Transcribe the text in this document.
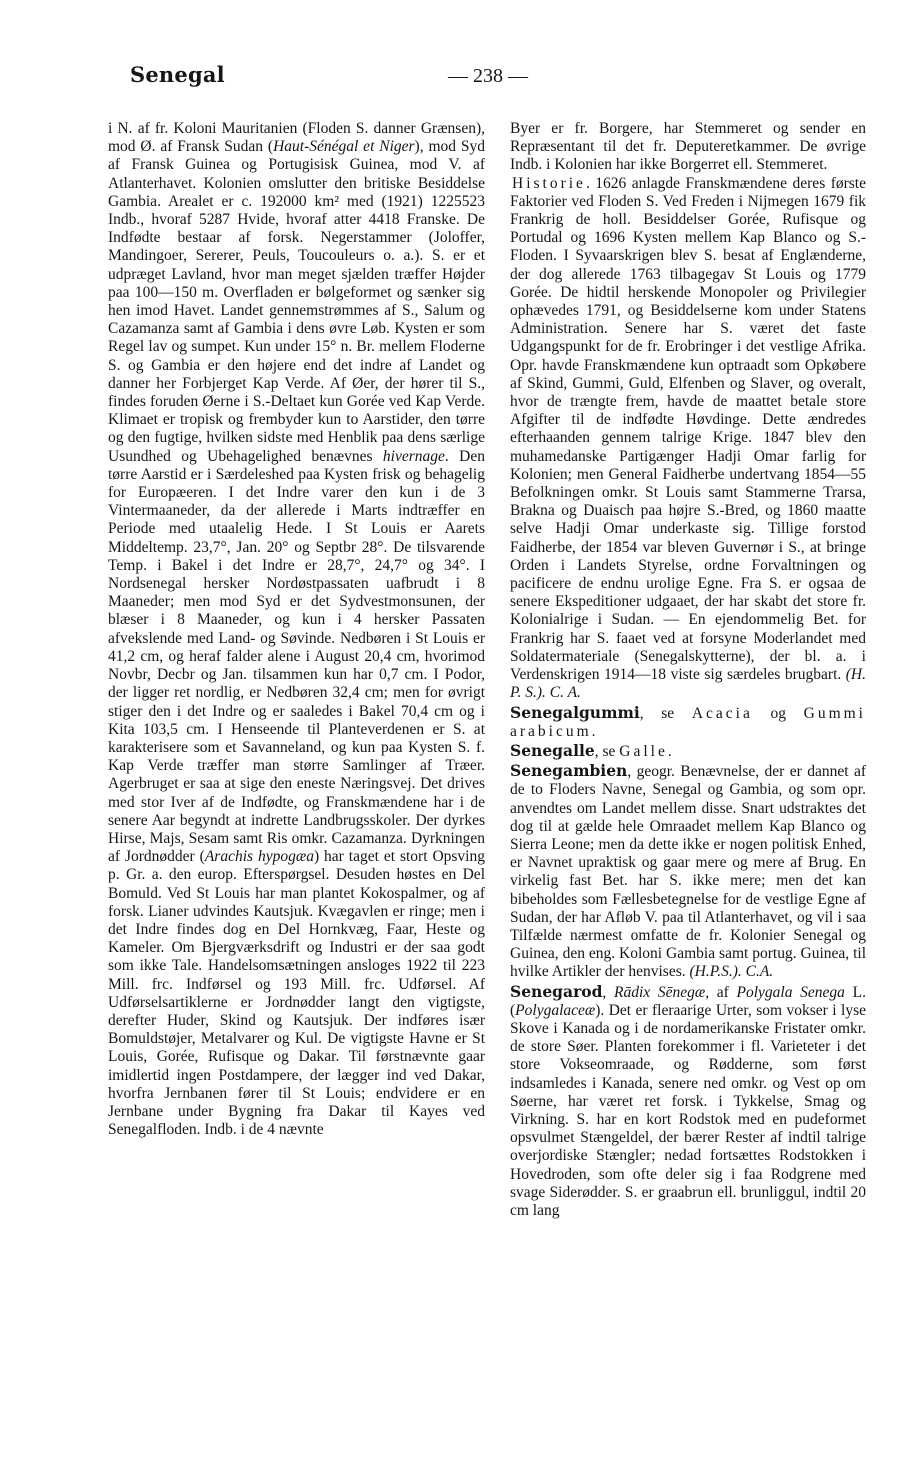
Senegal	— 238 —

i N. af fr. Koloni Mauritanien (Floden S. danner Grænsen), mod Ø. af Fransk Sudan (Haut-Sénégal et Niger), mod Syd af Fransk Guinea og Portugisisk Guinea, mod V. af Atlanterhavet. Kolonien omslutter den britiske Besiddelse Gambia. Arealet er c. 192000 km² med (1921) 1225523 Indb., hvoraf 5287 Hvide, hvoraf atter 4418 Franske. De Indfødte bestaar af forsk. Negerstammer (Joloffer, Mandingoer, Sererer, Peuls, Toucouleurs o. a.). S. er et udpræget Lavland, hvor man meget sjælden træffer Højder paa 100—150 m. Overfladen er bølgeformet og sænker sig hen imod Havet. Landet gennemstrømmes af S., Salum og Cazamanza samt af Gambia i dens øvre Løb. Kysten er som Regel lav og sumpet. Kun under 15° n. Br. mellem Floderne S. og Gambia er den højere end det indre af Landet og danner her Forbjerget Kap Verde. Af Øer, der hører til S., findes foruden Øerne i S.-Deltaet kun Gorée ved Kap Verde. Klimaet er tropisk og frembyder kun to Aarstider, den tørre og den fugtige, hvilken sidste med Henblik paa dens særlige Usundhed og Ubehagelighed benævnes hivernage. Den tørre Aarstid er i Særdeleshed paa Kysten frisk og behagelig for Europæeren. I det Indre varer den kun i de 3 Vintermaaneder, da der allerede i Marts indtræffer en Periode med utaalelig Hede. I St Louis er Aarets Middeltemp. 23,7°, Jan. 20° og Septbr 28°. De tilsvarende Temp. i Bakel i det Indre er 28,7°, 24,7° og 34°. I Nordsenegal hersker Nordøstpassaten uafbrudt i 8 Maaneder; men mod Syd er det Sydvestmonsunen, der blæser i 8 Maaneder, og kun i 4 hersker Passaten afvekslende med Land- og Søvinde. Nedbøren i St Louis er 41,2 cm, og heraf falder alene i August 20,4 cm, hvorimod Novbr, Decbr og Jan. tilsammen kun har 0,7 cm. I Podor, der ligger ret nordlig, er Nedbøren 32,4 cm; men for øvrigt stiger den i det Indre og er saaledes i Bakel 70,4 cm og i Kita 103,5 cm. I Henseende til Planteverdenen er S. at karakterisere som et Savanneland, og kun paa Kysten S. f. Kap Verde træffer man større Samlinger af Træer. Agerbruget er saa at sige den eneste Næringsvej. Det drives med stor Iver af de Indfødte, og Franskmændene har i de senere Aar begyndt at indrette Landbrugsskoler. Der dyrkes Hirse, Majs, Sesam samt Ris omkr. Cazamanza. Dyrkningen af Jordnødder (Arachis hypogæa) har taget et stort Opsving p. Gr. a. den europ. Efterspørgsel. Desuden høstes en Del Bomuld. Ved St Louis har man plantet Kokospalmer, og af forsk. Lianer udvindes Kautsjuk. Kvægavlen er ringe; men i det Indre findes dog en Del Hornkvæg, Faar, Heste og Kameler. Om Bjergværksdrift og Industri er der saa godt som ikke Tale. Handelsomsætningen ansloges 1922 til 223 Mill. frc. Indførsel og 193 Mill. frc. Udførsel. Af Udførselsartiklerne er Jordnødder langt den vigtigste, derefter Huder, Skind og Kautsjuk. Der indføres især Bomuldstøjer, Metalvarer og Kul. De vigtigste Havne er St Louis, Gorée, Rufisque og Dakar. Til førstnævnte gaar imidlertid ingen Postdampere, der lægger ind ved Dakar, hvorfra Jernbanen fører til St Louis; endvidere er en Jernbane under Bygning fra Dakar til Kayes ved Senegalfloden. Indb. i de 4 nævnte

Byer er fr. Borgere, har Stemmeret og sender en Repræsentant til det fr. Deputeretkammer. De øvrige Indb. i Kolonien har ikke Borgerret ell. Stemmeret.

Historie. 1626 anlagde Franskmændene deres første Faktorier ved Floden S. Ved Freden i Nijmegen 1679 fik Frankrig de holl. Besiddelser Gorée, Rufisque og Portudal og 1696 Kysten mellem Kap Blanco og S.-Floden. I Syvaarskrigen blev S. besat af Englænderne, der dog allerede 1763 tilbagegav St Louis og 1779 Gorée. De hidtil herskende Monopoler og Privilegier ophævedes 1791, og Besiddelserne kom under Statens Administration. Senere har S. været det faste Udgangspunkt for de fr. Erobringer i det vestlige Afrika. Opr. havde Franskmændene kun optraadt som Opkøbere af Skind, Gummi, Guld, Elfenben og Slaver, og overalt, hvor de trængte frem, havde de maattet betale store Afgifter til de indfødte Høvdinge. Dette ændredes efterhaanden gennem talrige Krige. 1847 blev den muhamedanske Partigænger Hadji Omar farlig for Kolonien; men General Faidherbe undertvang 1854—55 Befolkningen omkr. St Louis samt Stammerne Trarsa, Brakna og Duaisch paa højre S.-Bred, og 1860 maatte selve Hadji Omar underkaste sig. Tillige forstod Faidherbe, der 1854 var bleven Guvernør i S., at bringe Orden i Landets Styrelse, ordne Forvaltningen og pacificere de endnu urolige Egne. Fra S. er ogsaa de senere Ekspeditioner udgaaet, der har skabt det store fr. Kolonialrige i Sudan. — En ejendommelig Bet. for Frankrig har S. faaet ved at forsyne Moderlandet med Soldatermateriale (Senegalskytterne), der bl. a. i Verdenskrigen 1914—18 viste sig særdeles brugbart. (H. P. S.). C. A.

Senegalgummi, se Acacia og Gummi arabicum.

Senegalle, se Galle.

Senegambien, geogr. Benævnelse, der er dannet af de to Floders Navne, Senegal og Gambia, og som opr. anvendtes om Landet mellem disse. Snart udstraktes det dog til at gælde hele Omraadet mellem Kap Blanco og Sierra Leone; men da dette ikke er nogen politisk Enhed, er Navnet upraktisk og gaar mere og mere af Brug. En virkelig fast Bet. har S. ikke mere; men det kan bibeholdes som Fællesbetegnelse for de vestlige Egne af Sudan, der har Afløb V. paa til Atlanterhavet, og vil i saa Tilfælde nærmest omfatte de fr. Kolonier Senegal og Guinea, den eng. Koloni Gambia samt portug. Guinea, til hvilke Artikler der henvises. (H.P.S.). C.A.

Senegarod, Rādix Sēnegæ, af Polygala Senega L. (Polygalaceæ). Det er fleraarige Urter, som vokser i lyse Skove i Kanada og i de nordamerikanske Fristater omkr. de store Søer. Planten forekommer i fl. Varieteter i det store Vokseomraade, og Rødderne, som først indsamledes i Kanada, senere ned omkr. og Vest op om Søerne, har været ret forsk. i Tykkelse, Smag og Virkning. S. har en kort Rodstok med en pudeformet opsvulmet Stængeldel, der bærer Rester af indtil talrige overjordiske Stængler; nedad fortsættes Rodstokken i Hovedroden, som ofte deler sig i faa Rodgrene med svage Siderødder. S. er graabrun ell. brunliggul, indtil 20 cm lang
